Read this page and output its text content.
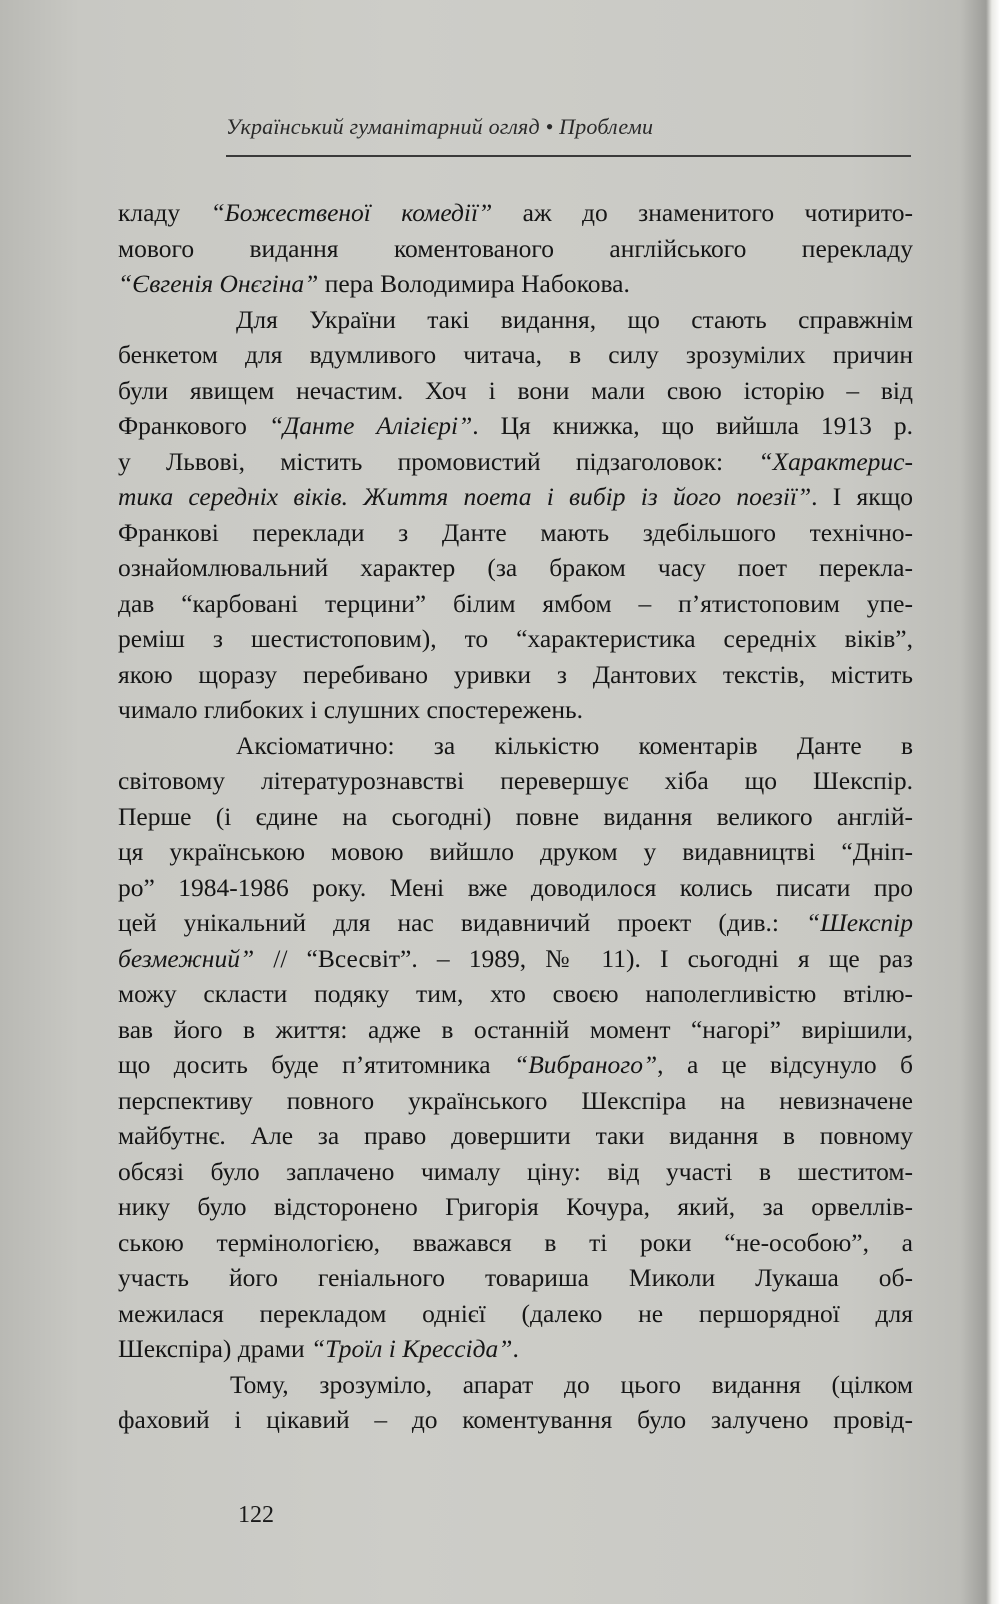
Український гуманітарний огляд • Проблеми
кладу “Божественої комедії” аж до знаменитого чотирито-
мового видання коментованого англійського перекладу
“Євгенія Онєгіна” пера Володимира Набокова.
Для України такі видання, що стають справжнім
бенкетом для вдумливого читача, в силу зрозумілих причин
були явищем нечастим. Хоч і вони мали свою історію – від
Франкового “Данте Алігієрі”. Ця книжка, що вийшла 1913 р.
у Львові, містить промовистий підзаголовок: “Характерис-
тика середніх віків. Життя поета і вибір із його поезії”. І якщо
Франкові переклади з Данте мають здебільшого технічно-
ознайомлювальний характер (за браком часу поет перекла-
дав “карбовані терцини” білим ямбом – п’ятистоповим упе-
реміш з шестистоповим), то “характеристика середніх віків”,
якою щоразу перебивано уривки з Дантових текстів, містить
чимало глибоких і слушних спостережень.
Аксіоматично: за кількістю коментарів Данте в
світовому літературознавстві перевершує хіба що Шекспір.
Перше (і єдине на сьогодні) повне видання великого англій-
ця українською мовою вийшло друком у видавництві “Дніп-
ро” 1984-1986 року. Мені вже доводилося колись писати про
цей унікальний для нас видавничий проект (див.: “Шекспір
безмежний” // “Всесвіт”. – 1989, № 11). І сьогодні я ще раз
можу скласти подяку тим, хто своєю наполегливістю втілю-
вав його в життя: адже в останній момент “нагорі” вирішили,
що досить буде п’ятитомника “Вибраного”, а це відсунуло б
перспективу повного українського Шекспіра на невизначене
майбутнє. Але за право довершити таки видання в повному
обсязі було заплачено чималу ціну: від участі в шеститом-
нику було відсторонено Григорія Кочура, який, за орвеллів-
ською термінологією, вважався в ті роки “не-особою”, а
участь його геніального товариша Миколи Лукаша об-
межилася перекладом однієї (далеко не першорядної для
Шекспіра) драми “Троїл і Крессіда”.
Тому, зрозуміло, апарат до цього видання (цілком
фаховий і цікавий – до коментування було залучено провід-
122
